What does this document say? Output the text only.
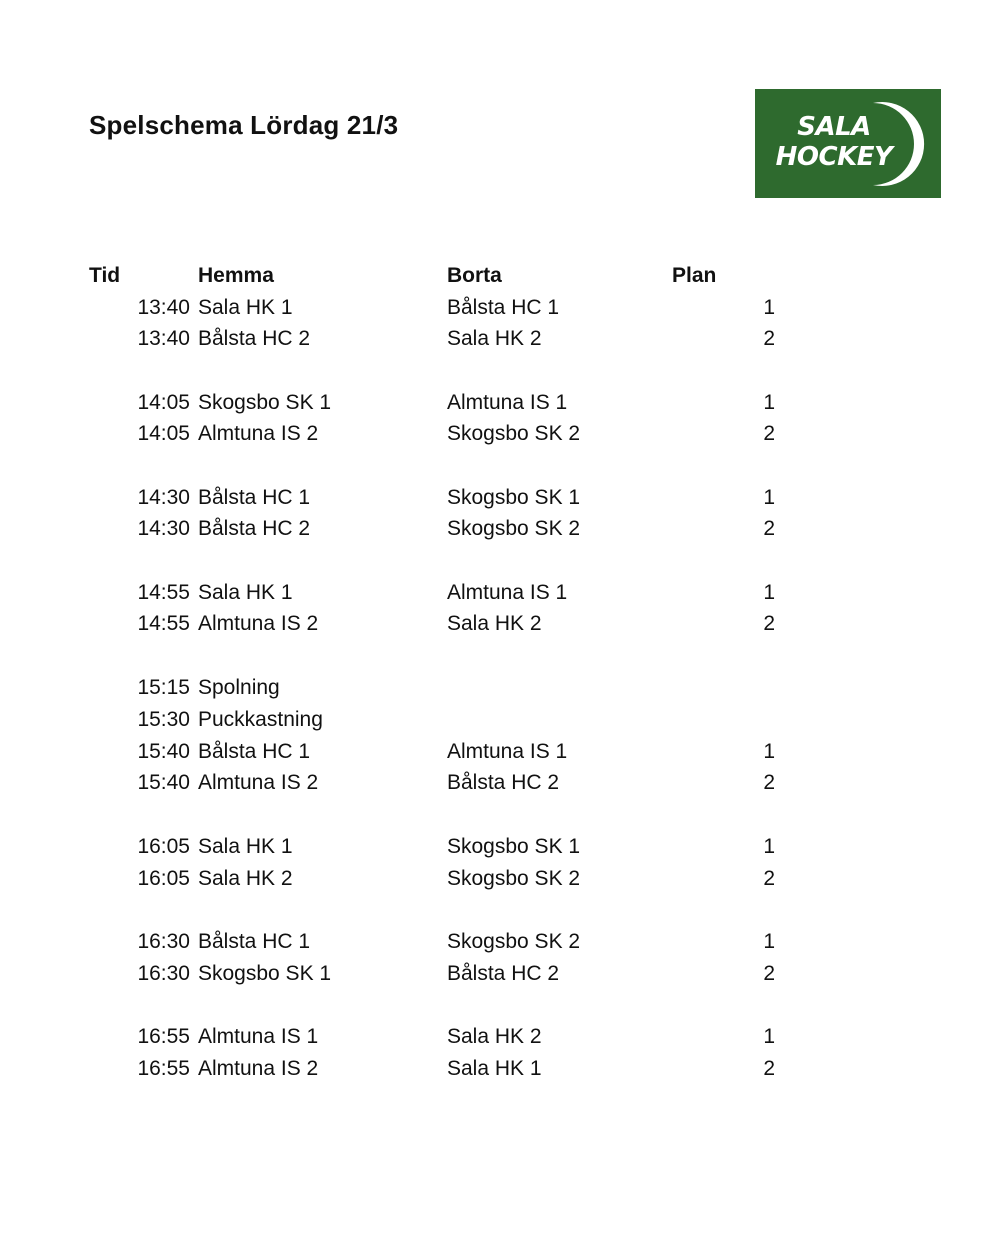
Spelschema Lördag 21/3	SALA
HOCKEY
Tid	Hemma	Borta	Plan
13:40 Sala HK 1	Bålsta HC 1	1
13:40 Bålsta HC 2	Sala HK 2	2
14:05 Skogsbo SK 1	Almtuna IS 1	1
14:05 Almtuna IS 2	Skogsbo SK 2	2
14:30 Bålsta HC 1	Skogsbo SK 1	1
14:30 Bålsta HC 2	Skogsbo SK 2	2
14:55 Sala HK 1	Almtuna IS 1	1
14:55 Almtuna IS 2	Sala HK 2	2
15:15 Spolning
15:30 Puckkastning
15:40 Bålsta HC 1	Almtuna IS 1	1
15:40 Almtuna IS 2	Bålsta HC 2	2
16:05 Sala HK 1	Skogsbo SK 1	1
16:05 Sala HK 2	Skogsbo SK 2	2
16:30 Bålsta HC 1	Skogsbo SK 2	1
16:30 Skogsbo SK 1	Bålsta HC 2	2
16:55 Almtuna IS 1	Sala HK 2	1
16:55 Almtuna IS 2	Sala HK 1	2
